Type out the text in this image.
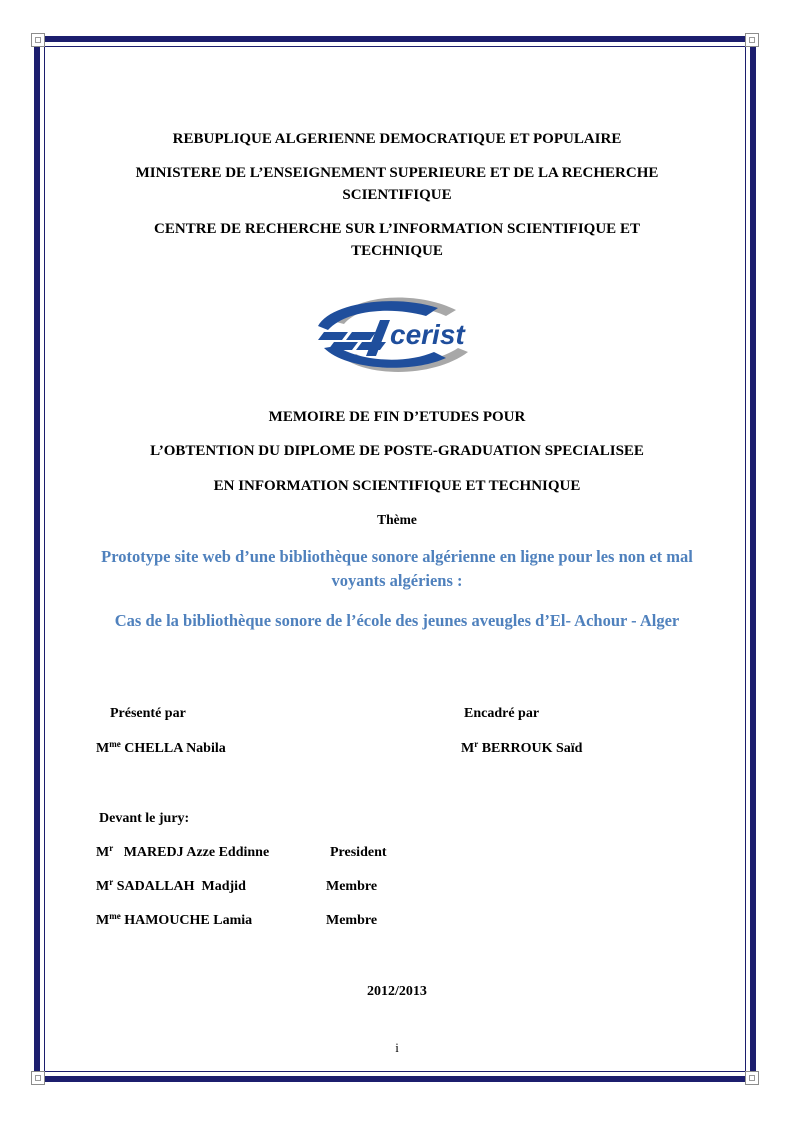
REBUPLIQUE ALGERIENNE DEMOCRATIQUE ET POPULAIRE
MINISTERE DE L’ENSEIGNEMENT SUPERIEURE ET DE LA RECHERCHE SCIENTIFIQUE
CENTRE DE RECHERCHE SUR L’INFORMATION SCIENTIFIQUE ET TECHNIQUE
cerist
MEMOIRE DE FIN D’ETUDES POUR
L’OBTENTION DU DIPLOME DE POSTE-GRADUATION SPECIALISEE
EN INFORMATION SCIENTIFIQUE ET TECHNIQUE
Thème
Prototype site web d’une bibliothèque sonore algérienne en ligne pour les non et mal voyants algériens :
Cas de la bibliothèque sonore de l’école des jeunes aveugles d’El- Achour - Alger
Présenté par	Encadré par
$M^{me}$ CHELLA Nabila	$M^r$ BERROUK Saïd
Devant le jury:
$M^r$   MAREDJ Azze Eddinne	President
$M^r$ SADALLAH  Madjid	Membre
$M^{me}$ HAMOUCHE Lamia	Membre
2012/2013
i
